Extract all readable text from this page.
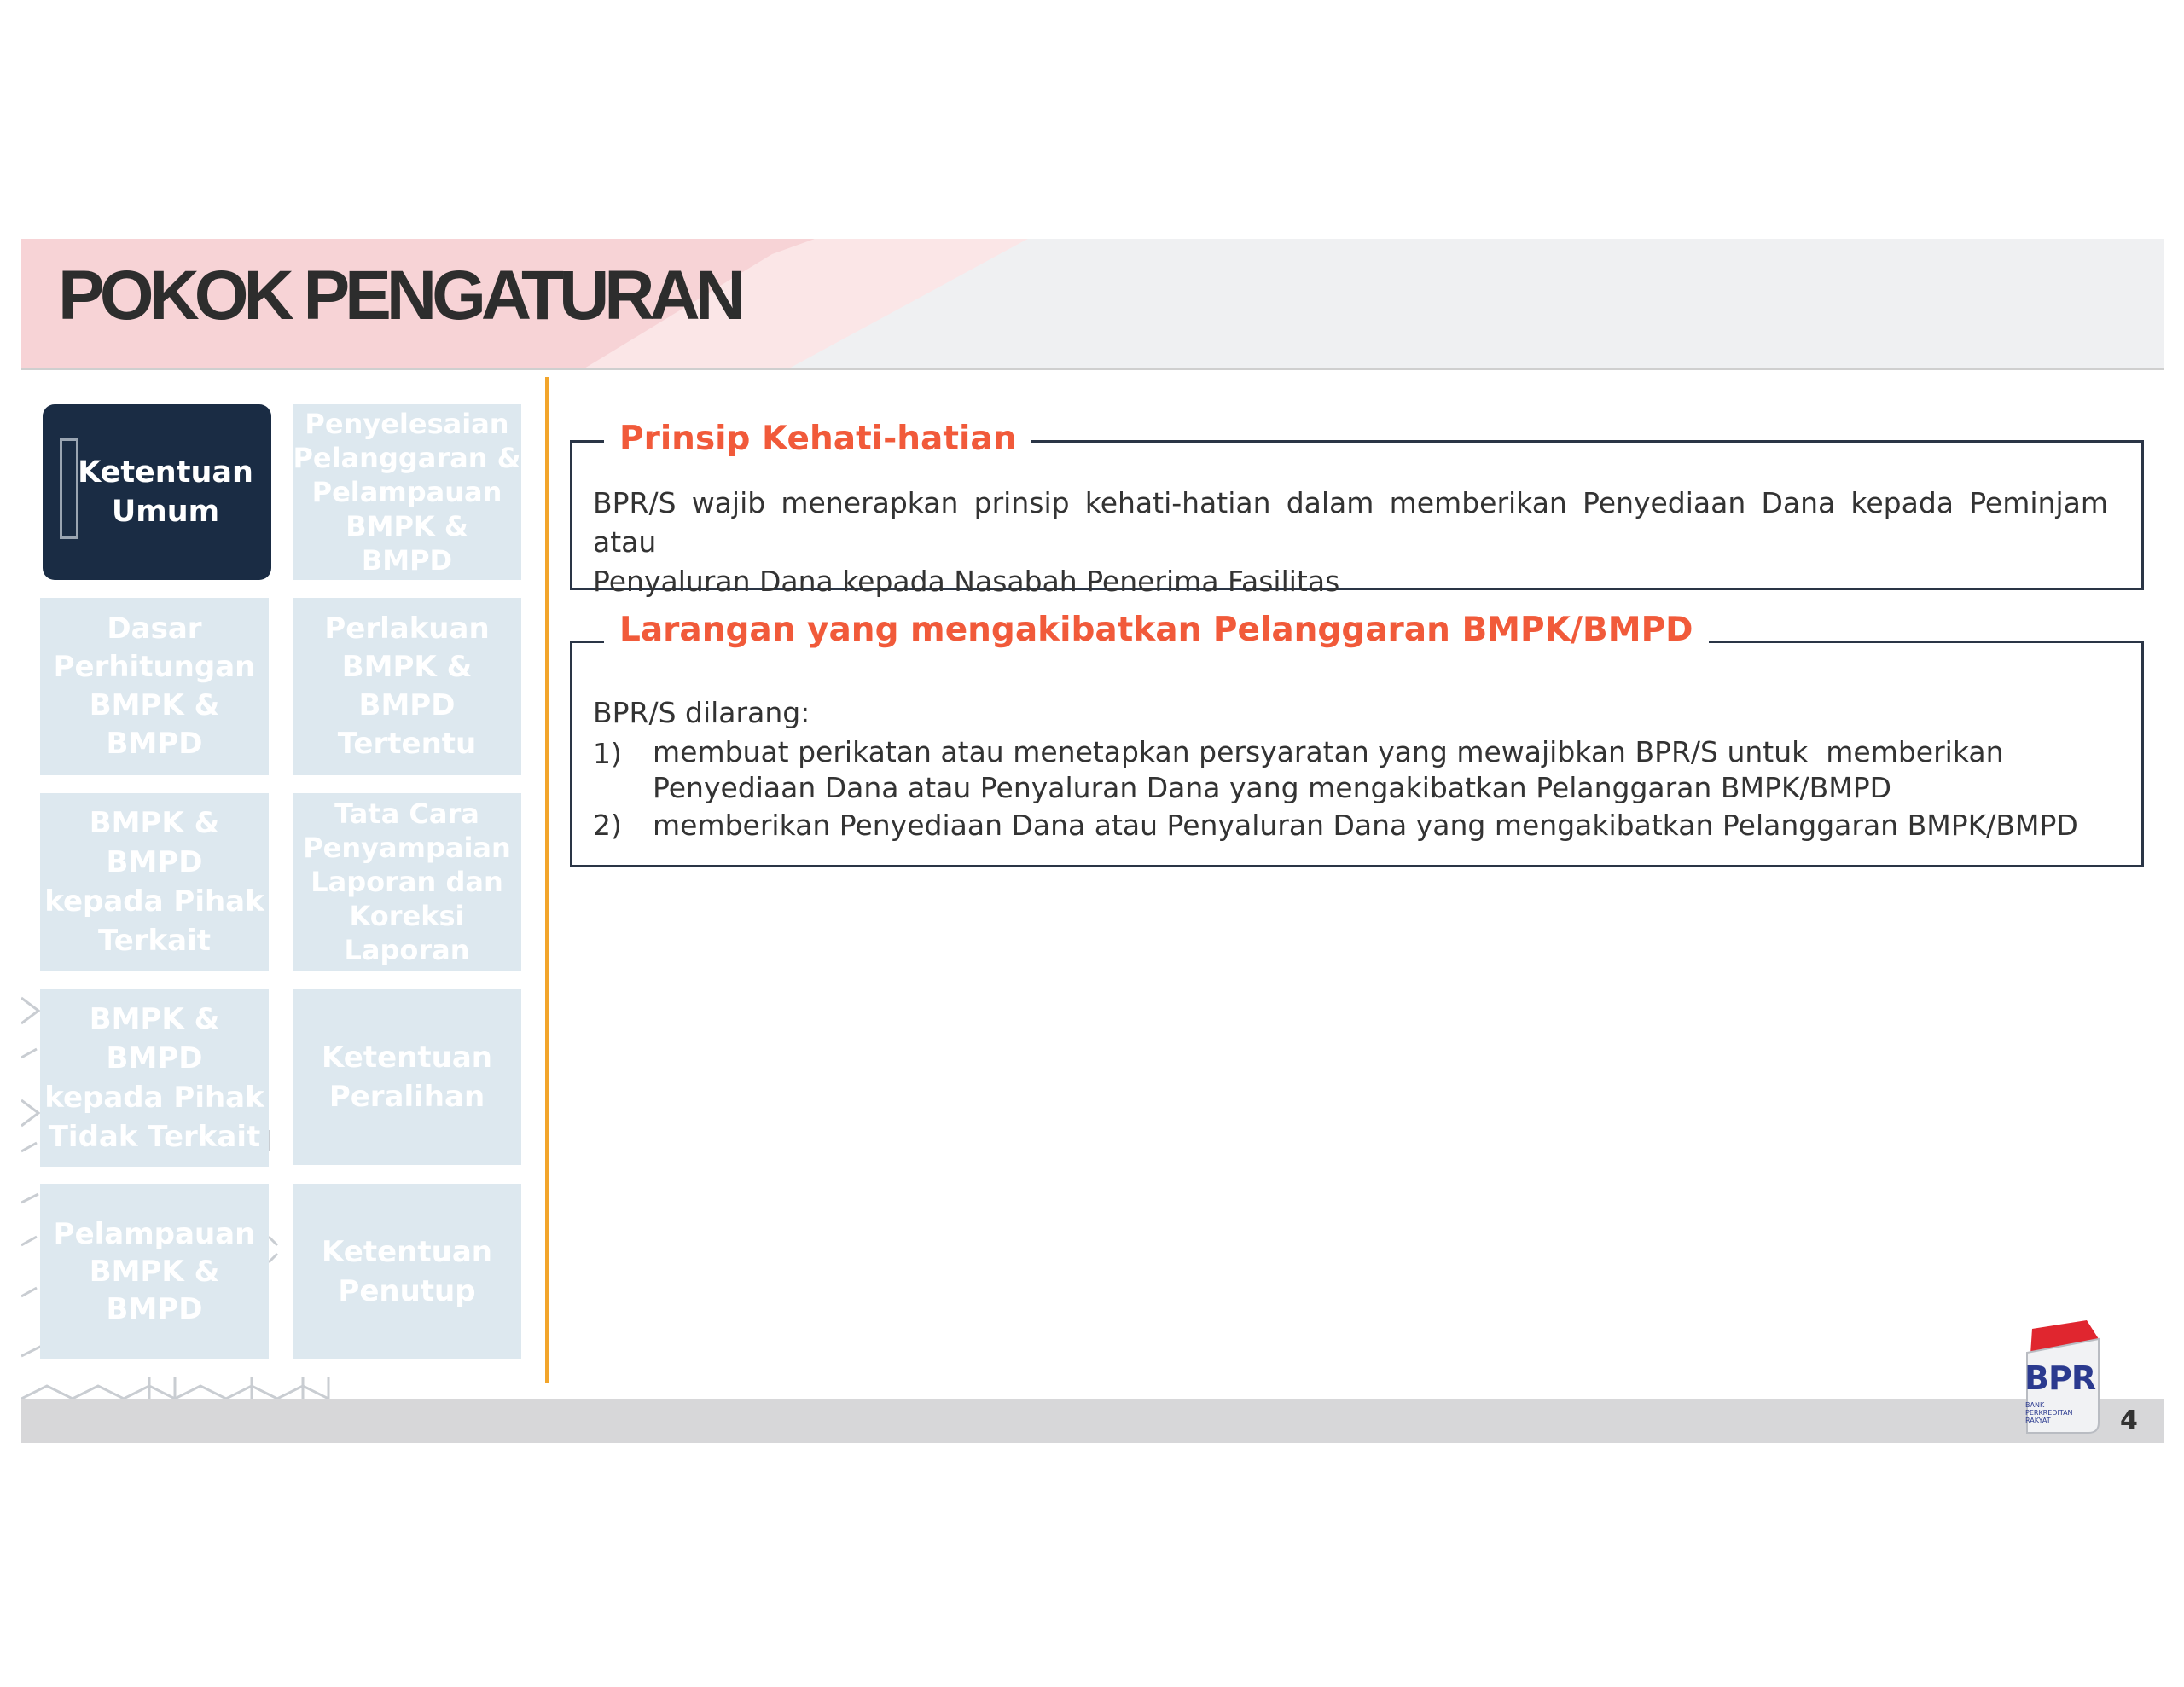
POKOK PENGATURAN
Ketentuan
Umum
Penyelesaian
Pelanggaran &
Pelampauan
BMPK &
BMPD
Dasar
Perhitungan
BMPK &
BMPD
Perlakuan
BMPK &
BMPD
Tertentu
BMPK &
BMPD
kepada Pihak
Terkait
Tata Cara
Penyampaian
Laporan dan
Koreksi
Laporan
BMPK &
BMPD
kepada Pihak
Tidak Terkait
Ketentuan
Peralihan
Pelampauan
BMPK &
BMPD
Ketentuan
Penutup
Prinsip Kehati-hatian
BPR/S wajib menerapkan prinsip kehati-hatian dalam memberikan Penyediaan Dana kepada Peminjam atau
Penyaluran Dana kepada Nasabah Penerima Fasilitas
Larangan yang mengakibatkan Pelanggaran BMPK/BMPD
BPR/S dilarang:
1)	membuat perikatan atau menetapkan persyaratan yang mewajibkan BPR/S untuk  memberikan
Penyediaan Dana atau Penyaluran Dana yang mengakibatkan Pelanggaran BMPK/BMPD
2)	memberikan Penyediaan Dana atau Penyaluran Dana yang mengakibatkan Pelanggaran BMPK/BMPD
BPR
BANK
PERKREDITAN
RAKYAT	4
